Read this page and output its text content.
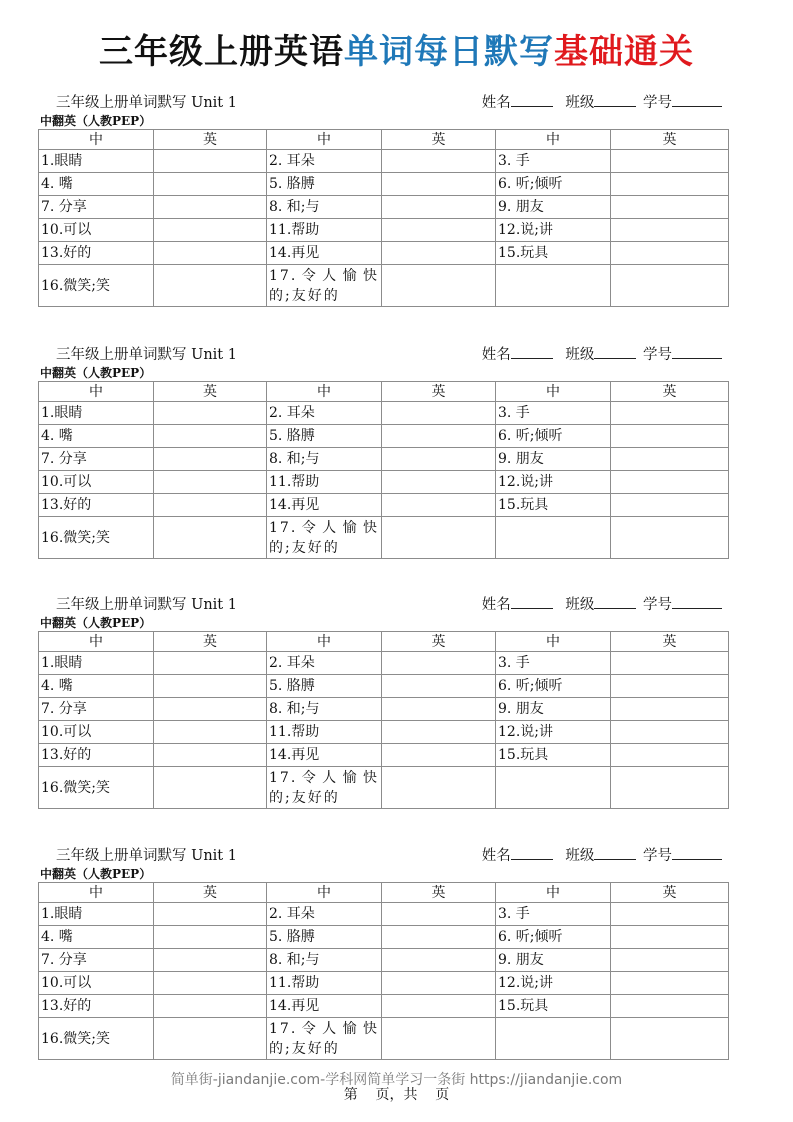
三年级上册英语单词每日默写基础通关
三年级上册单词默写 Unit 1	姓名	班级	学号
中翻英（人教PEP）
中	英	中	英	中	英
1.眼睛		2. 耳朵		3. 手	
4. 嘴		5. 胳膊		6. 听;倾听	
7. 分享		8. 和;与		9. 朋友	
10.可以		11.帮助		12.说;讲	
13.好的		14.再见		15.玩具	
16.微笑;笑		17.令人愉快的;友好的			
三年级上册单词默写 Unit 1	姓名	班级	学号
中翻英（人教PEP）
中	英	中	英	中	英
1.眼睛		2. 耳朵		3. 手	
4. 嘴		5. 胳膊		6. 听;倾听	
7. 分享		8. 和;与		9. 朋友	
10.可以		11.帮助		12.说;讲	
13.好的		14.再见		15.玩具	
16.微笑;笑		17.令人愉快的;友好的			
三年级上册单词默写 Unit 1	姓名	班级	学号
中翻英（人教PEP）
中	英	中	英	中	英
1.眼睛		2. 耳朵		3. 手	
4. 嘴		5. 胳膊		6. 听;倾听	
7. 分享		8. 和;与		9. 朋友	
10.可以		11.帮助		12.说;讲	
13.好的		14.再见		15.玩具	
16.微笑;笑		17.令人愉快的;友好的			
三年级上册单词默写 Unit 1	姓名	班级	学号
中翻英（人教PEP）
中	英	中	英	中	英
1.眼睛		2. 耳朵		3. 手	
4. 嘴		5. 胳膊		6. 听;倾听	
7. 分享		8. 和;与		9. 朋友	
10.可以		11.帮助		12.说;讲	
13.好的		14.再见		15.玩具	
16.微笑;笑		17.令人愉快的;友好的			
简单街-jiandanjie.com-学科网简单学习一条街 https://jiandanjie.com
第    页，共    页
